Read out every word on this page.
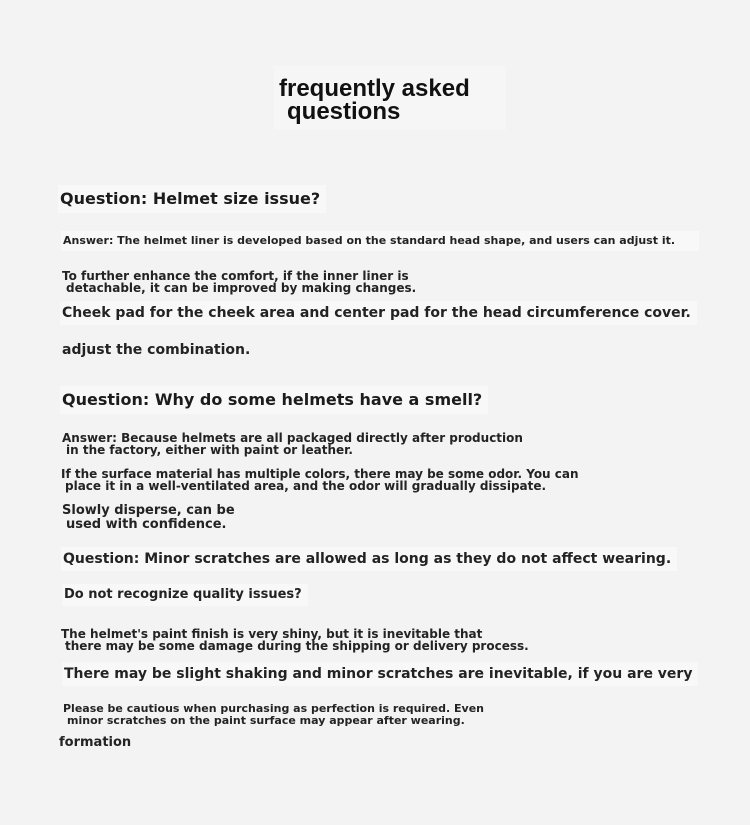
frequently asked
questions

Question: Helmet size issue?

Answer: The helmet liner is developed based on the standard head shape, and users can adjust it.

To further enhance the comfort, if the inner liner is
detachable, it can be improved by making changes.

Cheek pad for the cheek area and center pad for the head circumference cover.

adjust the combination.

Question: Why do some helmets have a smell?

Answer: Because helmets are all packaged directly after production
in the factory, either with paint or leather.

If the surface material has multiple colors, there may be some odor. You can
place it in a well-ventilated area, and the odor will gradually dissipate.

Slowly disperse, can be
used with confidence.

Question: Minor scratches are allowed as long as they do not affect wearing.

Do not recognize quality issues?

The helmet's paint finish is very shiny, but it is inevitable that
there may be some damage during the shipping or delivery process.

There may be slight shaking and minor scratches are inevitable, if you are very

Please be cautious when purchasing as perfection is required. Even
minor scratches on the paint surface may appear after wearing.

formation
